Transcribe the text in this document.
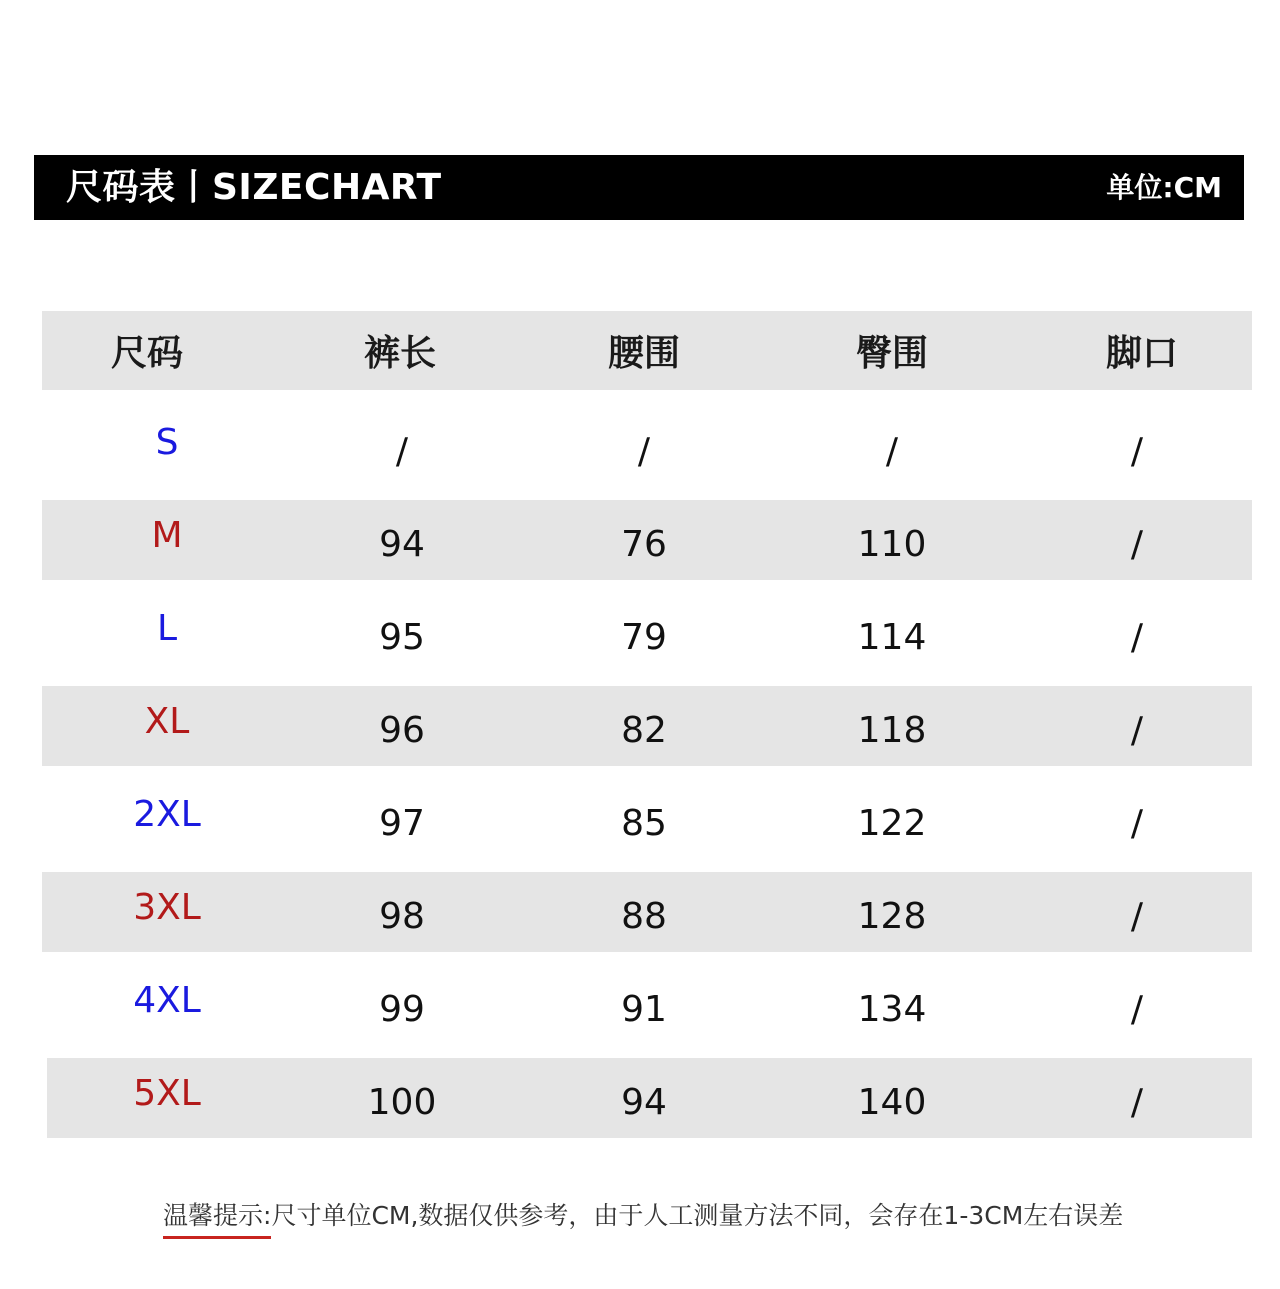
尺码表丨SIZECHART	单位:CM
尺码	裤长	腰围	臀围	脚口
S	/	/	/	/
M	94	76	110	/
L	95	79	114	/
XL	96	82	118	/
2XL	97	85	122	/
3XL	98	88	128	/
4XL	99	91	134	/
5XL	100	94	140	/
温馨提示:尺寸单位CM,数据仅供参考，由于人工测量方法不同，会存在1-3CM左右误差
